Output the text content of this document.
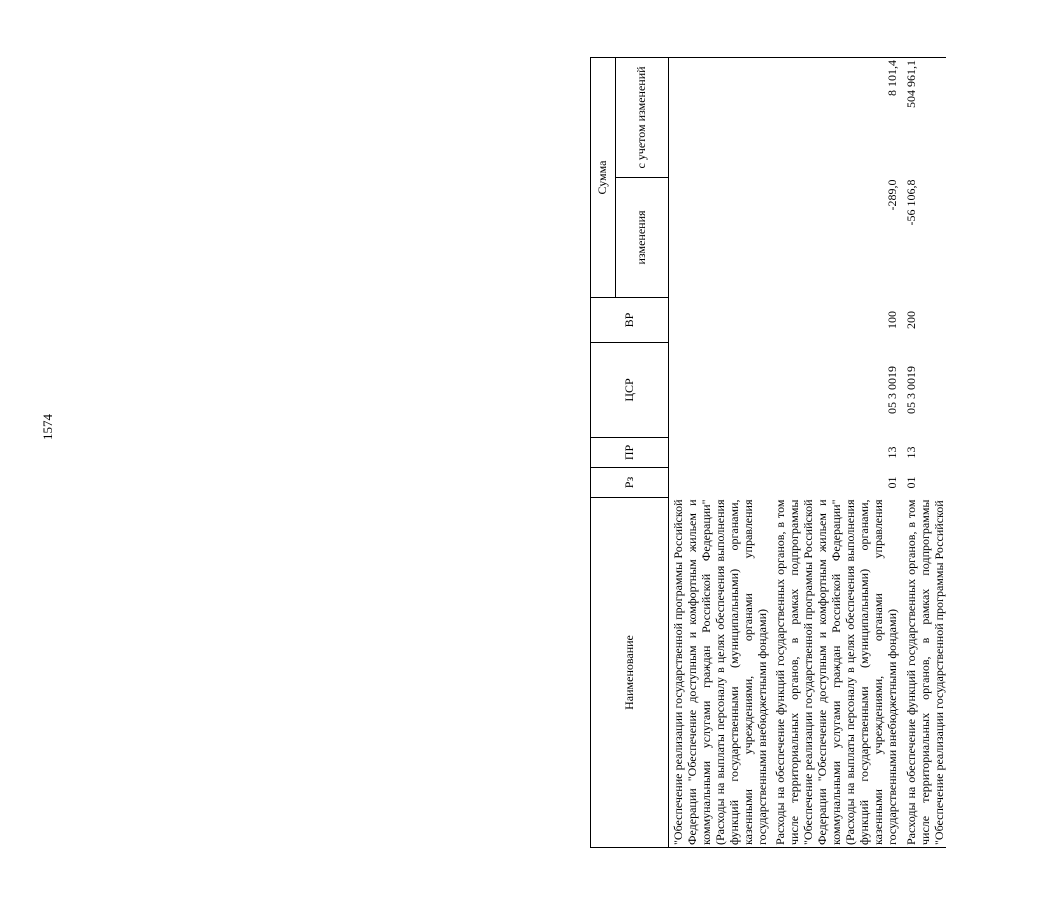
1574
Наименование	Рз	ПР	ЦСР	ВР	Сумма	
					изменения	с учетом изменений
"Обеспечение реализации государственной программы Российской Федерации "Обеспечение доступным и комфортным жильем и коммунальными услугами граждан Российской Федерации" (Расходы на выплаты персоналу в целях обеспечения выполнения функций государственными (муниципальными) органами, казенными учреждениями, органами управления государственными внебюджетными фондами)						
Расходы на обеспечение функций государственных органов, в том числе территориальных органов, в рамках подпрограммы "Обеспечение реализации государственной программы Российской Федерации "Обеспечение доступным и комфортным жильем и коммунальными услугами граждан Российской Федерации" (Расходы на выплаты персоналу в целях обеспечения выполнения функций государственными (муниципальными) органами, казенными учреждениями, органами управления государственными внебюджетными фондами)	01	13	05 3 0019	100	-289,0	8 101,4
Расходы на обеспечение функций государственных органов, в том числе территориальных органов, в рамках подпрограммы "Обеспечение реализации государственной программы Российской	01	13	05 3 0019	200	-56 106,8	504 961,1
